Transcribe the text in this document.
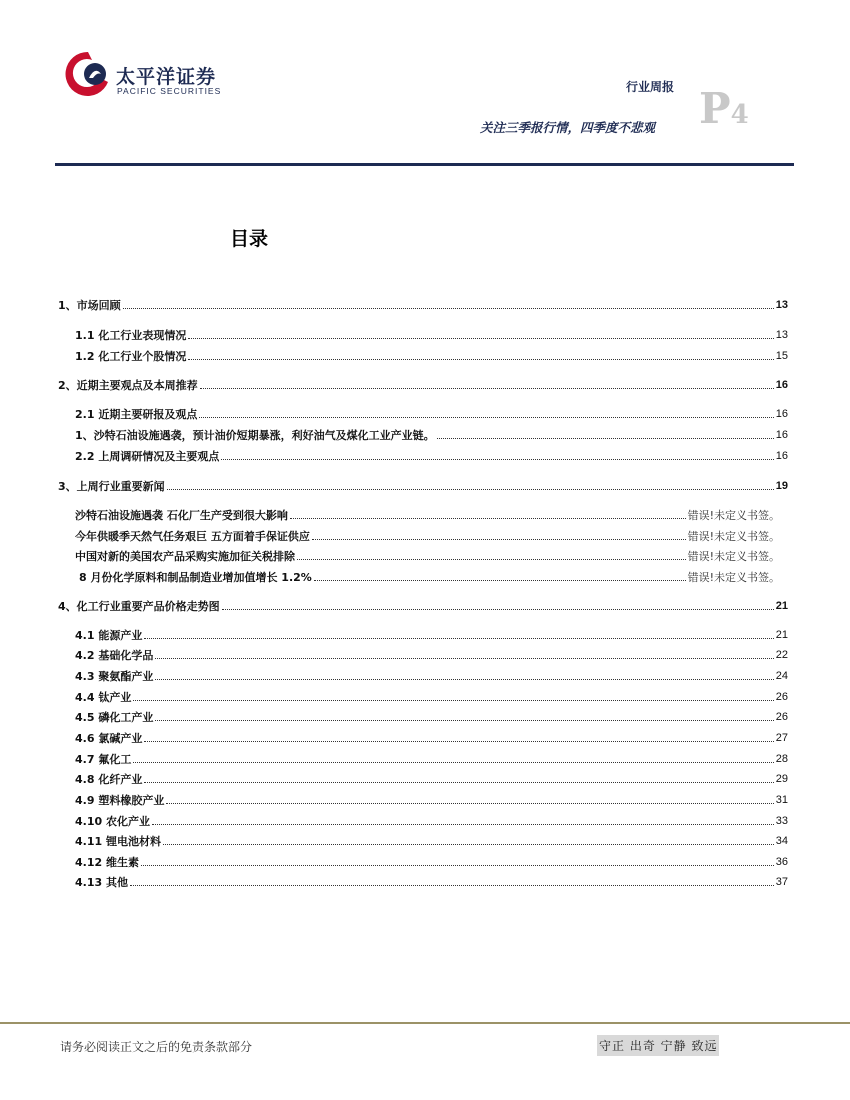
太平洋证券
PACIFIC SECURITIES	行业周报
关注三季报行情，四季度不悲观 P4
目录
1、市场回顾	13
1.1 化工行业表现情况	13
1.2 化工行业个股情况	15
2、近期主要观点及本周推荐	16
2.1 近期主要研报及观点	16
1、沙特石油设施遇袭，预计油价短期暴涨，利好油气及煤化工业产业链。	16
2.2 上周调研情况及主要观点	16
3、上周行业重要新闻	19
沙特石油设施遇袭 石化厂生产受到很大影响	错误!未定义书签。
今年供暖季天然气任务艰巨 五方面着手保证供应	错误!未定义书签。
中国对新的美国农产品采购实施加征关税排除	错误!未定义书签。
8 月份化学原料和制品制造业增加值增长 1.2%	错误!未定义书签。
4、化工行业重要产品价格走势图	21
4.1 能源产业	21
4.2 基础化学品	22
4.3 聚氨酯产业	24
4.4 钛产业	26
4.5 磷化工产业	26
4.6 氯碱产业	27
4.7 氟化工	28
4.8 化纤产业	29
4.9 塑料橡胶产业	31
4.10 农化产业	33
4.11 锂电池材料	34
4.12 维生素	36
4.13 其他	37
请务必阅读正文之后的免责条款部分	守正 出奇 宁静 致远
